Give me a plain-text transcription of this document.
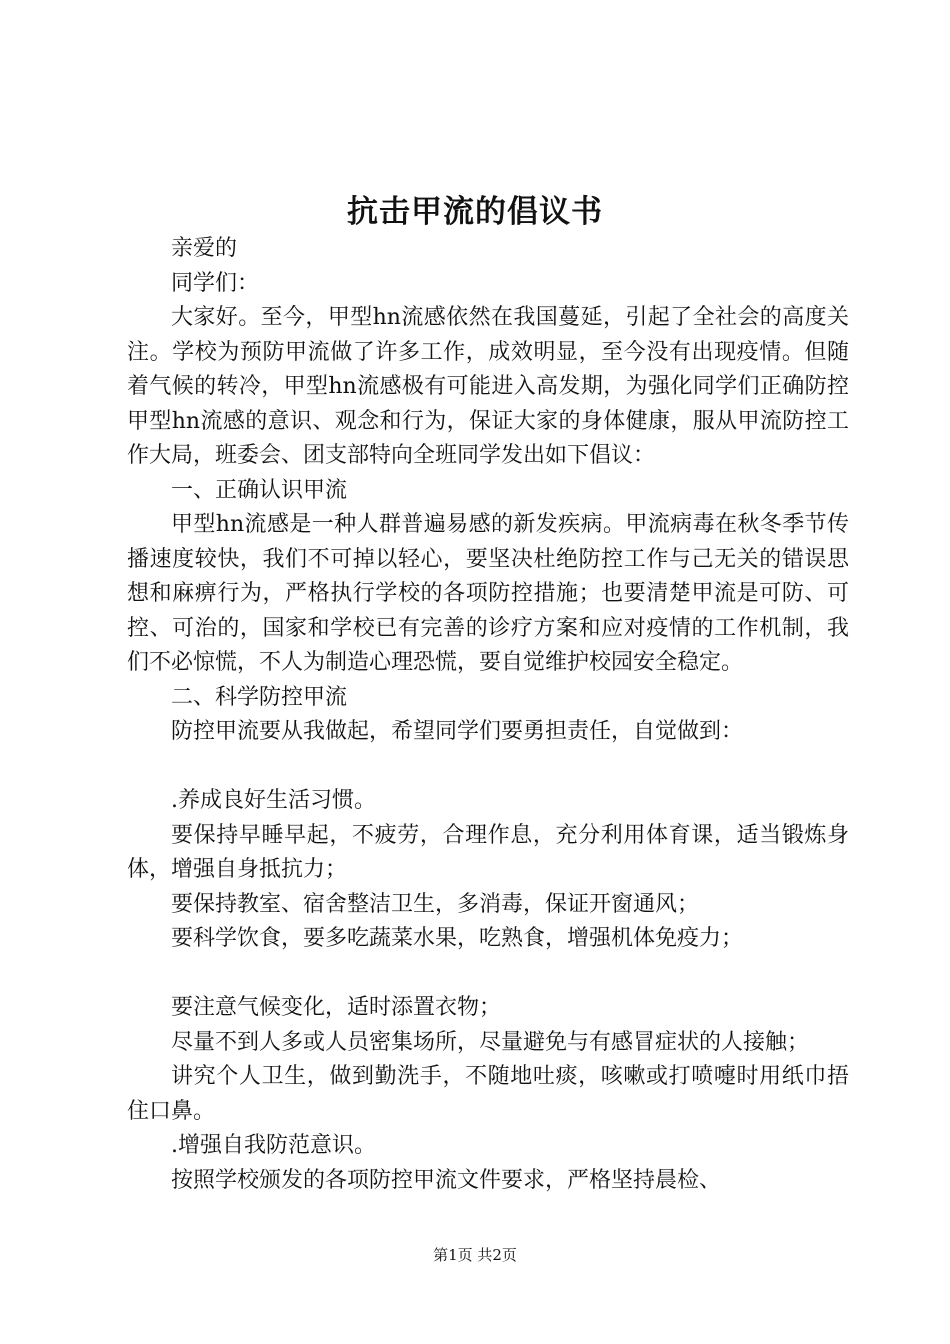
抗击甲流的倡议书

亲爱的

同学们：

大家好。至今，甲型hn流感依然在我国蔓延，引起了全社会的高度关注。学校为预防甲流做了许多工作，成效明显，至今没有出现疫情。但随着气候的转冷，甲型hn流感极有可能进入高发期，为强化同学们正确防控甲型hn流感的意识、观念和行为，保证大家的身体健康，服从甲流防控工作大局，班委会、团支部特向全班同学发出如下倡议：

一、正确认识甲流

甲型hn流感是一种人群普遍易感的新发疾病。甲流病毒在秋冬季节传播速度较快，我们不可掉以轻心，要坚决杜绝防控工作与己无关的错误思想和麻痹行为，严格执行学校的各项防控措施；也要清楚甲流是可防、可控、可治的，国家和学校已有完善的诊疗方案和应对疫情的工作机制，我们不必惊慌，不人为制造心理恐慌，要自觉维护校园安全稳定。

二、科学防控甲流

防控甲流要从我做起，希望同学们要勇担责任，自觉做到：

.养成良好生活习惯。

要保持早睡早起，不疲劳，合理作息，充分利用体育课，适当锻炼身体，增强自身抵抗力；

要保持教室、宿舍整洁卫生，多消毒，保证开窗通风；

要科学饮食，要多吃蔬菜水果，吃熟食，增强机体免疫力；

要注意气候变化，适时添置衣物；

尽量不到人多或人员密集场所，尽量避免与有感冒症状的人接触；

讲究个人卫生，做到勤洗手，不随地吐痰，咳嗽或打喷嚏时用纸巾捂住口鼻。

.增强自我防范意识。

按照学校颁发的各项防控甲流文件要求，严格坚持晨检、

第1页 共2页
